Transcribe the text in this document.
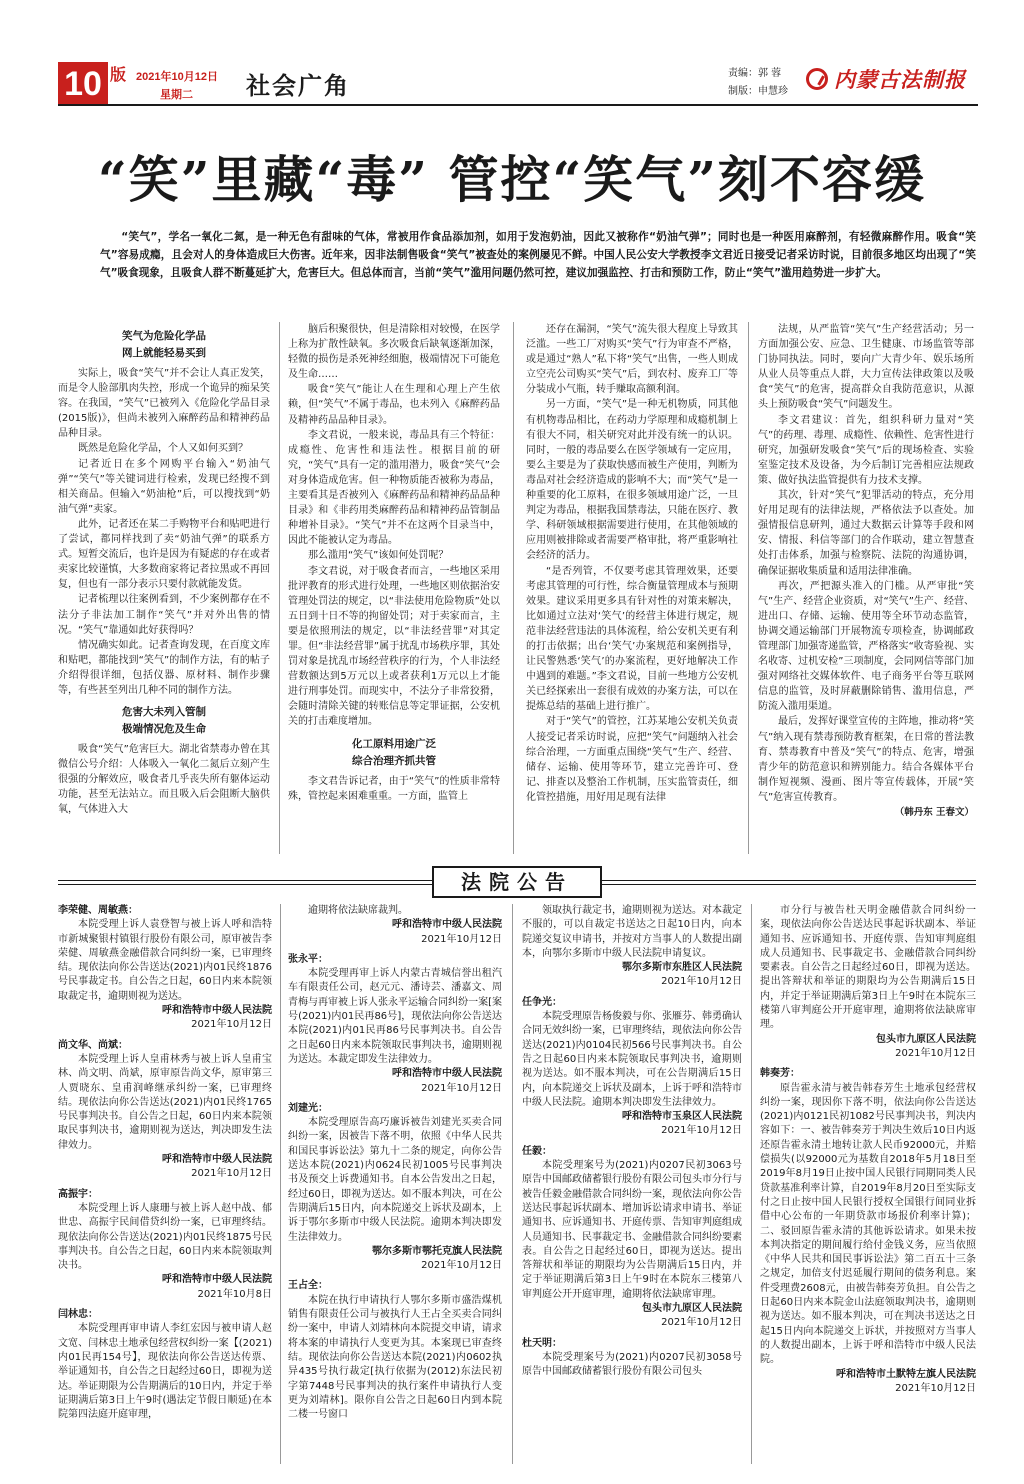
10 版 2021年10月12日
星期二 社会广角	责编：郭 蓉
制版：申慧珍 内蒙古法制报
“笑”里藏“毒” 管控“笑气”刻不容缓

“笑气”，学名一氧化二氮，是一种无色有甜味的气体，常被用作食品添加剂，如用于发泡奶油，因此又被称作“奶油气弹”；同时也是一种医用麻醉剂，有轻微麻醉作用。吸食“笑气”容易成瘾，且会对人的身体造成巨大伤害。近年来，因非法制售吸食“笑气”被查处的案例屡见不鲜。中国人民公安大学教授李文君近日接受记者采访时说，目前很多地区均出现了“笑气”吸食现象，且吸食人群不断蔓延扩大，危害巨大。但总体而言，当前“笑气”滥用问题仍然可控，建议加强监控、打击和预防工作，防止“笑气”滥用趋势进一步扩大。

笑气为危险化学品
网上就能轻易买到

实际上，吸食“笑气”并不会让人真正发笑，而是令人脸部肌肉失控，形成一个诡异的痴呆笑容。在我国，“笑气”已被列入《危险化学品目录(2015版)》，但尚未被列入麻醉药品和精神药品品种目录。

既然是危险化学品，个人又如何买到？

记者近日在多个网购平台输入“奶油气弹”“笑气”等关键词进行检索，发现已经搜不到相关商品。但输入“奶油枪”后，可以搜找到“奶油气弹”卖家。

此外，记者还在某二手购物平台和贴吧进行了尝试，都同样找到了卖“奶油气弹”的联系方式。短暂交流后，也许是因为有疑虑的存在或者卖家比较谨慎，大多数商家将记者拉黑或不再回复，但也有一部分表示只要付款就能发货。

记者梳理以往案例看到，不少案例都存在不法分子非法加工制作“笑气”并对外出售的情况。“笑气”靠通如此好获得吗？

情况确实如此。记者查询发现，在百度文库和贴吧，都能找到“笑气”的制作方法，有的帖子介绍得很详细，包括仪器、原材料、制作步骤等，有些甚至列出几种不同的制作方法。

危害大未列入管制
极端情况危及生命

吸食“笑气”危害巨大。湖北省禁毒办曾在其微信公号介绍：人体吸入一氧化二氮后立刻产生很强的分解效应，吸食者几乎丧失所有躯体运动功能，甚至无法站立。而且吸入后会阻断大脑供氧，气体进入大

脑后积聚很快，但是清除相对较慢，在医学上称为扩散性缺氧。多次吸食后缺氧逐渐加深，轻微的损伤是杀死神经细胞，极端情况下可能危及生命……

吸食“笑气”能让人在生理和心理上产生依赖，但“笑气”不属于毒品，也未列入《麻醉药品及精神药品品种目录》。

李文君说，一般来说，毒品具有三个特征：成瘾性、危害性和违法性。根据目前的研究，“笑气”具有一定的滥用潜力，吸食“笑气”会对身体造成危害。但一种物质能否被称为毒品，主要看其是否被列入《麻醉药品和精神药品品种目录》和《非药用类麻醉药品和精神药品管制品种增补目录》。“笑气”并不在这两个目录当中，因此不能被认定为毒品。

那么滥用“笑气”该如何处罚呢？

李文君说，对于吸食者而言，一些地区采用批评教育的形式进行处理，一些地区则依据治安管理处罚法的规定，以“非法使用危险物质”处以五日到十日不等的拘留处罚；对于卖家而言，主要是依照刑法的规定，以“非法经营罪”对其定罪。但“非法经营罪”属于扰乱市场秩序罪，其处罚对象是扰乱市场经营秩序的行为，个人非法经营数额达到5万元以上或者获利1万元以上才能进行刑事处罚。而现实中，不法分子非常狡猾，会随时清除关键的转账信息等定罪证据，公安机关的打击难度增加。

化工原料用途广泛
综合治理齐抓共管

李文君告诉记者，由于“笑气”的性质非常特殊，管控起来困难重重。一方面，监管上

还存在漏洞，“笑气”流失很大程度上导致其泛滥。一些工厂对购买“笑气”行为审查不严格，或是通过“熟人”私下将“笑气”出售，一些人则成立空壳公司购买“笑气”后，到农村、废弃工厂等分装成小气瓶，转手赚取高额利润。

另一方面，“笑气”是一种无机物质，同其他有机物毒品相比，在药动力学原理和成瘾机制上有很大不同，相关研究对此并没有统一的认识。同时，一般的毒品要么在医学领域有一定应用，要么主要是为了获取快感而被生产使用，判断为毒品对社会经济造成的影响不大；而“笑气”是一种重要的化工原料，在很多领域用途广泛，一旦判定为毒品，根据我国禁毒法，只能在医疗、教学、科研领域根据需要进行使用，在其他领域的应用则被排除或者需要严格审批，将严重影响社会经济的活力。

“是否列管，不仅要考虑其管理效果，还要考虑其管理的可行性，综合衡量管理成本与预期效果。建议采用更多具有针对性的对策来解决，比如通过立法对‘笑气’的经营主体进行规定，规范非法经营违法的具体流程，给公安机关更有利的打击依据；出台‘笑气’办案规范和案例指导，让民警熟悉‘笑气’的办案流程，更好地解决工作中遇到的难题。”李文君说，目前一些地方公安机关已经探索出一套很有成效的办案方法，可以在提炼总结的基础上进行推广。

对于“笑气”的管控，江苏某地公安机关负责人接受记者采访时说，应把“笑气”问题纳入社会综合治理，一方面重点围绕“笑气”生产、经营、储存、运输、使用等环节，建立完善许可、登记、排查以及整治工作机制，压实监管责任，细化管控措施，用好用足现有法律

法规，从严监管“笑气”生产经营活动；另一方面加强公安、应急、卫生健康、市场监管等部门协同执法。同时，要向广大青少年、娱乐场所从业人员等重点人群，大力宣传法律政策以及吸食“笑气”的危害，提高群众自我防范意识，从源头上预防吸食“笑气”问题发生。

李文君建议：首先，组织科研力量对“笑气”的药理、毒理、成瘾性、依赖性、危害性进行研究，加强研发吸食“笑气”后的现场检查、实验室鉴定技术及设备，为今后制订完善相应法规政策、做好执法监管提供有力技术支撑。

其次，针对“笑气”犯罪活动的特点，充分用好用足现有的法律法规，严格依法予以查处。加强情报信息研判，通过大数据云计算等手段和网安、情报、科信等部门的合作联动，建立智慧查处打击体系，加强与检察院、法院的沟通协调，确保证据收集质量和适用法律准确。

再次，严把源头准入的门槛。从严审批“笑气”生产、经营企业资质，对“笑气”生产、经营、进出口、存储、运输、使用等全环节动态监管，协调交通运输部门开展物流专项检查，协调邮政管理部门加强寄递监管，严格落实“收寄验视、实名收寄、过机安检”三项制度，会同网信等部门加强对网络社交媒体软件、电子商务平台等互联网信息的监管，及时屏蔽删除销售、滥用信息，严防流入滥用渠道。

最后，发挥好课堂宣传的主阵地，推动将“笑气”纳入现有禁毒预防教育框架，在日常的普法教育、禁毒教育中普及“笑气”的特点、危害，增强青少年的防范意识和辨别能力。结合各媒体平台制作短视频、漫画、图片等宣传载体，开展“笑气”危害宣传教育。

（韩丹东 王春文）

法院公告

李荣健、周敏燕：

本院受理上诉人袁登智与被上诉人呼和浩特市新城聚银村镇银行股份有限公司，原审被告李荣健、周敏燕金融借款合同纠纷一案，已审理终结。现依法向你公告送达(2021)内01民终1876号民事裁定书。自公告之日起，60日内来本院领取裁定书，逾期则视为送达。

呼和浩特市中级人民法院

2021年10月12日

尚文华、尚斌：

本院受理上诉人皇甫林秀与被上诉人皇甫宝林、尚文明、尚斌，原审原告尚文华，原审第三人贾晓东、皇甫润峰继承纠纷一案，已审理终结。现依法向你公告送达(2021)内01民终1765号民事判决书。自公告之日起，60日内来本院领取民事判决书，逾期则视为送达，判决即发生法律效力。

呼和浩特市中级人民法院

2021年10月12日

高振宇：

本院受理上诉人康珊与被上诉人赵中战、郁世忠、高振宇民间借贷纠纷一案，已审理终结。现依法向你公告送达(2021)内01民终1875号民事判决书。自公告之日起，60日内来本院领取判决书。

呼和浩特市中级人民法院

2021年10月8日

闫林忠：

本院受理再审申请人李红宏因与被申请人赵文宽、闫林忠土地承包经营权纠纷一案【(2021)内01民再154号】，现依法向你公告送达传票、举证通知书，自公告之日起经过60日，即视为送达。举证期限为公告期满后的10日内，并定于举证期满后第3日上午9时(遇法定节假日顺延)在本院第四法庭开庭审理，

逾期将依法缺席裁判。

呼和浩特市中级人民法院

2021年10月12日

张永平：

本院受理再审上诉人内蒙古青城信誉出租汽车有限责任公司，赵元元、潘诗芸、潘嘉文、周青梅与再审被上诉人张永平运输合同纠纷一案[案号(2021)内01民再86号]，现依法向你公告送达本院(2021)内01民再86号民事判决书。自公告之日起60日内来本院领取民事判决书，逾期则视为送达。本裁定即发生法律效力。

呼和浩特市中级人民法院

2021年10月12日

刘建光：

本院受理原告高巧廉诉被告刘建光买卖合同纠纷一案，因被告下落不明，依照《中华人民共和国民事诉讼法》第九十二条的规定，向你公告送达本院(2021)内0624民初1005号民事判决书及预交上诉费通知书。自本公告发出之日起，经过60日，即视为送达。如不服本判决，可在公告期满后15日内，向本院递交上诉状及副本，上诉于鄂尔多斯市中级人民法院。逾期本判决即发生法律效力。

鄂尔多斯市鄂托克旗人民法院

2021年10月12日

王占全：

本院在执行申请执行人鄂尔多斯市盛浩煤机销售有限责任公司与被执行人王占全买卖合同纠纷一案中，申请人刘靖林向本院提交申请，请求将本案的申请执行人变更为其。本案现已审查终结。现依法向你公告送达本院(2021)内0602执异435号执行裁定[执行依据为(2012)东法民初字第7448号民事判决的执行案件申请执行人变更为刘靖林]。限你自公告之日起60日内到本院二楼一号窗口

领取执行裁定书，逾期则视为送达。对本裁定不服的，可以自裁定书送达之日起10日内，向本院递交复议申请书，并按对方当事人的人数提出副本，向鄂尔多斯市中级人民法院申请复议。

鄂尔多斯市东胜区人民法院

2021年10月12日

任争光：

本院受理原告杨俊毅与你、张雁芬、韩勇确认合同无效纠纷一案，已审理终结，现依法向你公告送达(2021)内0104民初566号民事判决书。自公告之日起60日内来本院领取民事判决书，逾期则视为送达。如不服本判决，可在公告期满后15日内，向本院递交上诉状及副本，上诉于呼和浩特市中级人民法院。逾期本判决即发生法律效力。

呼和浩特市玉泉区人民法院

2021年10月12日

任毅：

本院受理案号为(2021)内0207民初3063号原告中国邮政储蓄银行股份有限公司包头市分行与被告任毅金融借款合同纠纷一案，现依法向你公告送达民事起诉状副本、增加诉讼请求申请书、举证通知书、应诉通知书、开庭传票、告知审判庭组成人员通知书、民事裁定书、金融借款合同纠纷要素表。自公告之日起经过60日，即视为送达。提出答辩状和举证的期限均为公告期满后15日内，并定于举证期满后第3日上午9时在本院东三楼第八审判庭公开开庭审理，逾期将依法缺席审理。

包头市九原区人民法院

2021年10月12日

杜天明：

本院受理案号为(2021)内0207民初3058号原告中国邮政储蓄银行股份有限公司包头

市分行与被告杜天明金融借款合同纠纷一案，现依法向你公告送达民事起诉状副本、举证通知书、应诉通知书、开庭传票、告知审判庭组成人员通知书、民事裁定书、金融借款合同纠纷要素表。自公告之日起经过60日，即视为送达。提出答辩状和举证的期限均为公告期满后15日内，并定于举证期满后第3日上午9时在本院东三楼第八审判庭公开开庭审理，逾期将依法缺席审理。

包头市九原区人民法院

2021年10月12日

韩奏芳：

原告霍永清与被告韩春芳生土地承包经营权纠纷一案，现因你下落不明，依法向你公告送达(2021)内0121民初1082号民事判决书，判决内容如下：一、被告韩奏芳于判决生效后10日内返还原告霍永清土地转让款人民币92000元，并赔偿损失(以92000元为基数自2018年5月18日至2019年8月19日止按中国人民银行同期同类人民贷款基准利率计算，自2019年8月20日至实际支付之日止按中国人民银行授权全国银行间同业拆借中心公布的一年期贷款市场报价利率计算)；二、驳回原告霍永清的其他诉讼请求。如果未按本判决指定的期间履行给付金钱义务，应当依照《中华人民共和国民事诉讼法》第二百五十三条之规定，加倍支付迟延履行期间的债务利息。案件受理费2608元，由被告韩奏芳负担。自公告之日起60日内来本院金山法庭领取判决书，逾期则视为送达。如不服本判决，可在判决书送达之日起15日内向本院递交上诉状，并按照对方当事人的人数提出副本，上诉于呼和浩特市中级人民法院。

呼和浩特市土默特左旗人民法院

2021年10月12日
